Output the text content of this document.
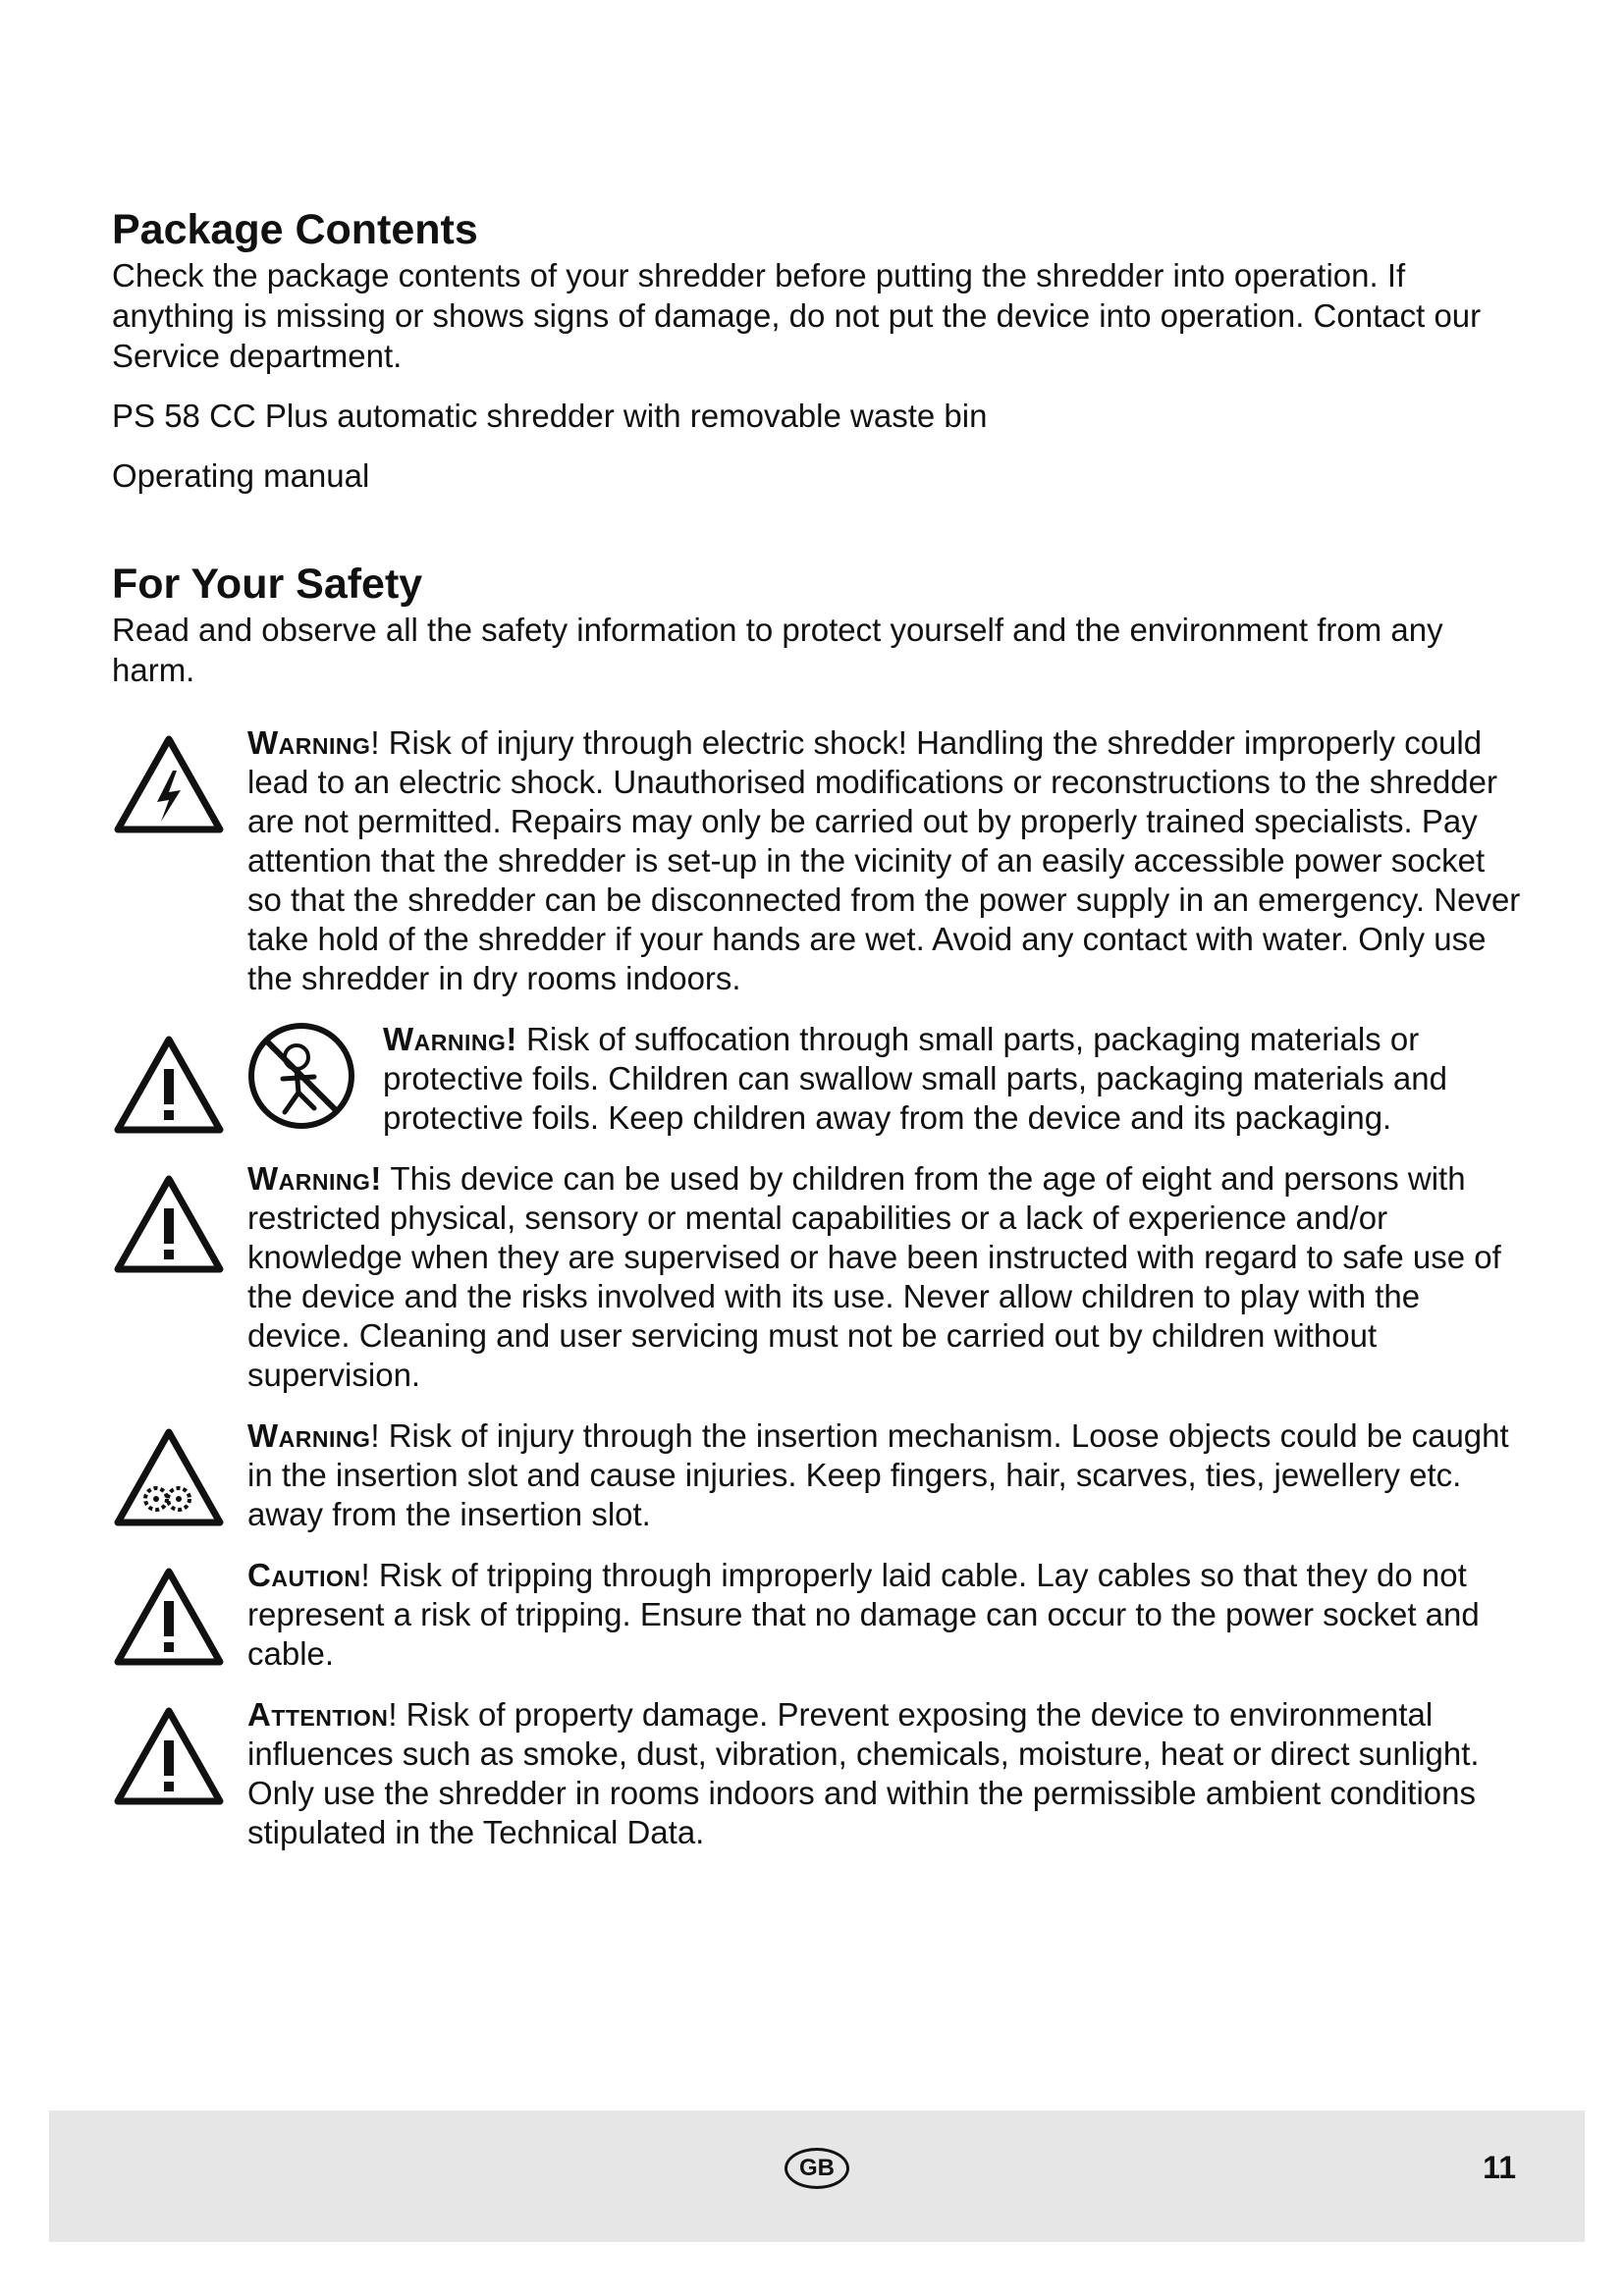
Package Contents

Check the package contents of your shredder before putting the shredder into operation. If anything is missing or shows signs of damage, do not put the device into operation. Contact our Service department.

PS 58 CC Plus automatic shredder with removable waste bin

Operating manual

For Your Safety

Read and observe all the safety information to protect yourself and the environment from any harm.

Warning! Risk of injury through electric shock! Handling the shredder improperly could lead to an electric shock. Unauthorised modifications or reconstructions to the shredder are not permitted. Repairs may only be carried out by properly trained specialists. Pay attention that the shredder is set-up in the vicinity of an easily accessible power socket so that the shredder can be disconnected from the power supply in an emergency. Never take hold of the shredder if your hands are wet. Avoid any contact with water. Only use the shredder in dry rooms indoors.
Warning! Risk of suffocation through small parts, packaging materials or protective foils. Children can swallow small parts, packaging materials and protective foils. Keep children away from the device and its packaging.
Warning! This device can be used by children from the age of eight and persons with restricted physical, sensory or mental capabilities or a lack of experience and/or knowledge when they are supervised or have been instructed with regard to safe use of the device and the risks involved with its use. Never allow children to play with the device. Cleaning and user servicing must not be carried out by children without supervision.
Warning! Risk of injury through the insertion mechanism. Loose objects could be caught in the insertion slot and cause injuries. Keep fingers, hair, scarves, ties, jewellery etc. away from the insertion slot.
Caution! Risk of tripping through improperly laid cable. Lay cables so that they do not represent a risk of tripping. Ensure that no damage can occur to the power socket and cable.
Attention! Risk of property damage. Prevent exposing the device to environmental influences such as smoke, dust, vibration, chemicals, moisture, heat or direct sunlight. Only use the shredder in rooms indoors and within the permissible ambient conditions stipulated in the Technical Data.
GB	11
